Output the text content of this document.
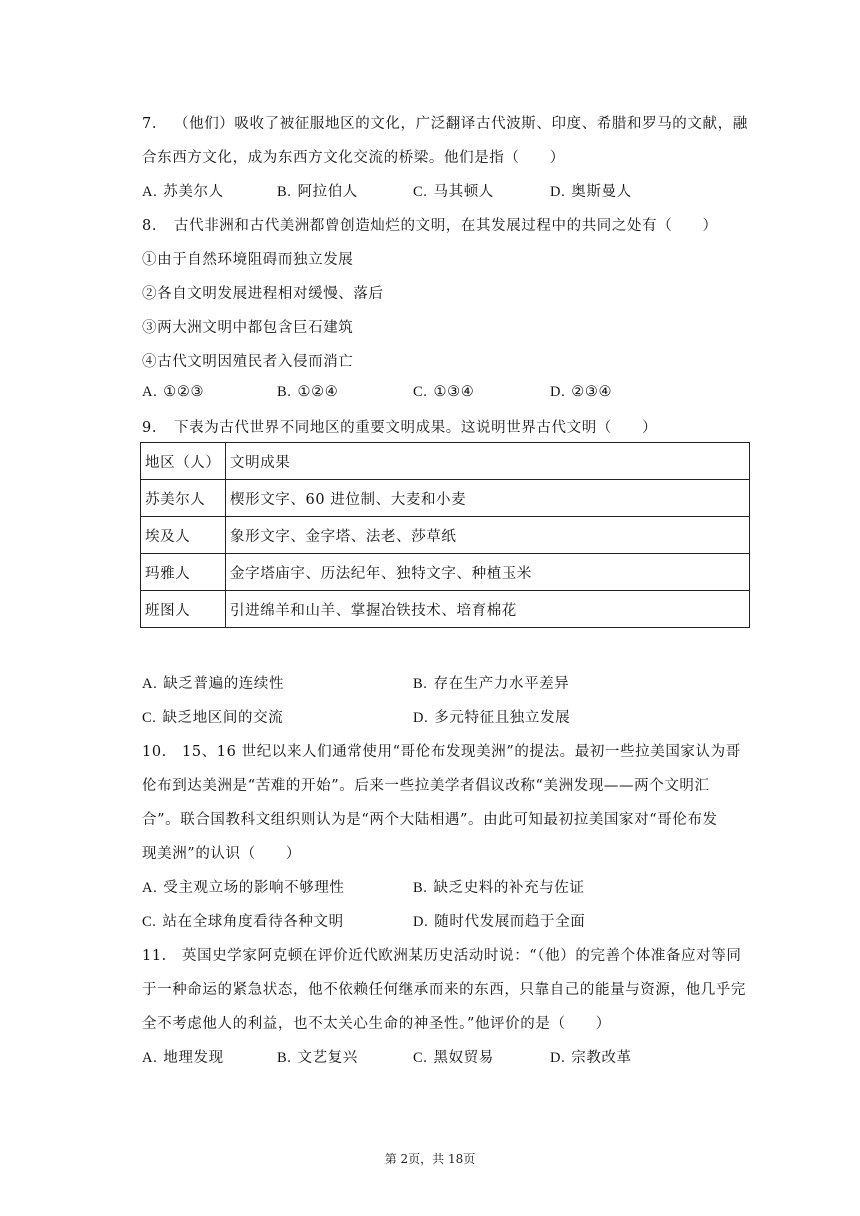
7. （他们）吸收了被征服地区的文化，广泛翻译古代波斯、印度、希腊和罗马的文献，融
合东西方文化，成为东西方文化交流的桥梁。他们是指（　　）
A. 苏美尔人	B. 阿拉伯人	C. 马其顿人	D. 奥斯曼人
8. 古代非洲和古代美洲都曾创造灿烂的文明，在其发展过程中的共同之处有（　　）
①由于自然环境阻碍而独立发展
②各自文明发展进程相对缓慢、落后
③两大洲文明中都包含巨石建筑
④古代文明因殖民者入侵而消亡
A. ①②③	B. ①②④	C. ①③④	D. ②③④
9. 下表为古代世界不同地区的重要文明成果。这说明世界古代文明（　　）
地区（人）	文明成果
苏美尔人	楔形文字、60 进位制、大麦和小麦
埃及人	象形文字、金字塔、法老、莎草纸
玛雅人	金字塔庙宇、历法纪年、独特文字、种植玉米
班图人	引进绵羊和山羊、掌握冶铁技术、培育棉花
A. 缺乏普遍的连续性	B. 存在生产力水平差异
C. 缺乏地区间的交流	D. 多元特征且独立发展
10. 15、16 世纪以来人们通常使用“哥伦布发现美洲”的提法。最初一些拉美国家认为哥
伦布到达美洲是“苦难的开始”。后来一些拉美学者倡议改称“美洲发现——两个文明汇
合”。联合国教科文组织则认为是“两个大陆相遇”。由此可知最初拉美国家对“哥伦布发
现美洲”的认识（　　）
A. 受主观立场的影响不够理性	B. 缺乏史料的补充与佐证
C. 站在全球角度看待各种文明	D. 随时代发展而趋于全面
11. 英国史学家阿克顿在评价近代欧洲某历史活动时说：“（他）的完善个体准备应对等同
于一种命运的紧急状态，他不依赖任何继承而来的东西，只靠自己的能量与资源，他几乎完
全不考虑他人的利益，也不太关心生命的神圣性。”他评价的是（　　）
A. 地理发现	B. 文艺复兴	C. 黑奴贸易	D. 宗教改革
第 2页，共 18页
